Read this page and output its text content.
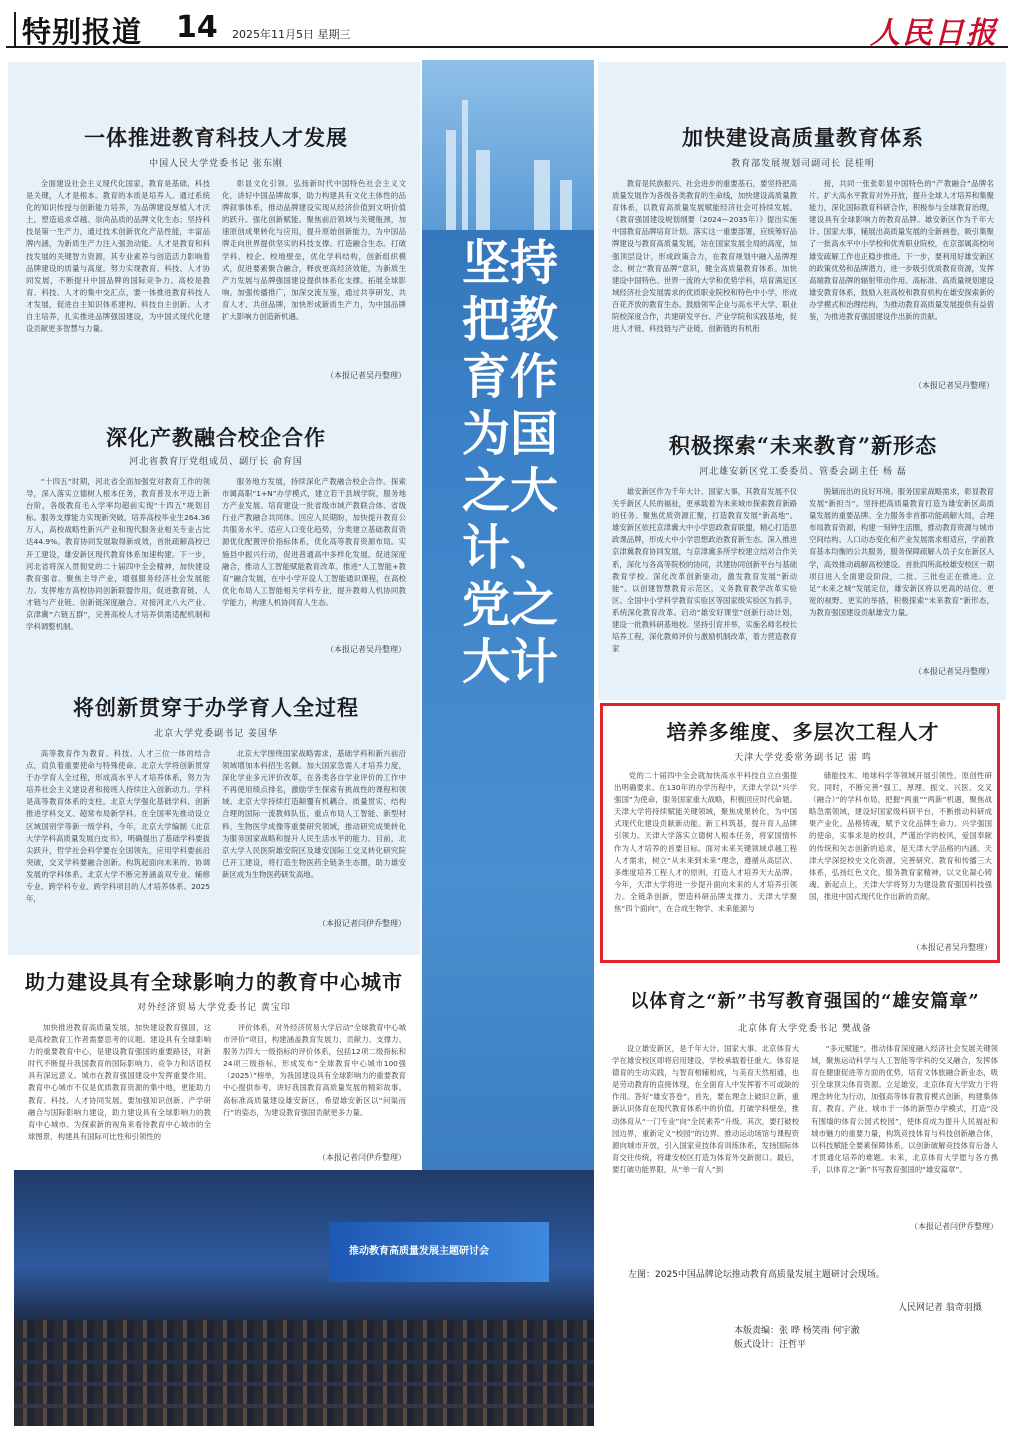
特别报道 14 2025年11月5日 星期三	人民日报
坚持把教育作为国之大计、党之大计
一体推进教育科技人才发展
中国人民大学党委书记 张东刚

全面建设社会主义现代化国家，教育是基础，科技是关键，人才是根本。教育的本质是培养人。通过系统化的知识传授与创新能力培养，为品牌建设厚植人才沃土，塑造追求卓越、崇尚品质的品牌文化生态；坚持科技是第一生产力，通过技术创新优化产品性能，丰富品牌内涵，为新质生产力注入强劲动能。人才是教育和科技发展的关键智力资源，其专业素养与创造活力影响着品牌建设的质量与高度。努力实现教育、科技、人才协同发展，不断提升中国品牌的国际竞争力。高校是教育、科技、人才的集中交汇点，要一体推进教育科技人才发展，促进自主知识体系建构、科技自主创新、人才自主培养，扎实推进品牌强国建设，为中国式现代化建设贡献更多智慧与力量。

彰显文化引领。弘扬新时代中国特色社会主义文化，讲好中国品牌故事，助力构建具有文化主体性的品牌叙事体系，推动品牌建设实现从经济价值到文明价值的跃升。强化创新赋能。聚焦前沿领域与关键瓶颈，加速原创成果转化与应用，提升原始创新能力，为中国品牌走向世界提供坚实的科技支撑。打造融合生态。打破学科、校企、校地壁垒，优化学科结构，创新组织模式，促进要素聚合融合，释放更高经济效能，为新质生产力发展与品牌强国建设提供体系化支撑。拓展全球影响。加强传播推广，加深交流互鉴，通过共享研发、共育人才、共创品牌，加快形成新质生产力，为中国品牌扩大影响力创造新机遇。

（本报记者吴丹整理）
深化产教融合校企合作
河北省教育厅党组成员、副厅长 俞育国

“十四五”时期，河北省全面加强党对教育工作的领导，深入落实立德树人根本任务，教育普及水平迈上新台阶，各级教育毛入学率均超前实现“十四五”规划目标。服务支撑能力实现新突破，培养高校毕业生264.36万人，高校战略性新兴产业和现代服务业相关专业占比达44.9%。教育协同发展取得新成效，首批疏解高校已开工建设，雄安新区现代教育体系加速构建。下一步，河北省将深入贯彻党的二十届四中全会精神，加快建设教育强省。聚焦主导产业，增强服务经济社会发展能力。发挥地方高校协同创新联盟作用，促进教育链、人才链与产业链、创新链深度融合。对接河北八大产业、京津冀“六链五群”，完善高校人才培养供需适配机制和学科调整机制。

服务地方发展，持续深化产教融合校企合作。探索市属高职“1+N”办学模式，建立若干县域学院，服务地方产业发展。培育建设一批省级市域产教联合体、省级行业产教融合共同体。回应人民期盼，加快提升教育公共服务水平。适应人口变化趋势，分类建立基础教育资源优化配置评价指标体系，优化高等教育资源布局。实施县中振兴行动，促进普通高中多样化发展。促进深度融合，推动人工智能赋能教育改革。推进“人工智能+教育”融合发展，在中小学开设人工智能通识课程，在高校优化布局人工智能相关学科专业，提升教师人机协同教学能力，构建人机协同育人生态。

（本报记者吴丹整理）
将创新贯穿于办学育人全过程
北京大学党委副书记 姜国华

高等教育作为教育、科技、人才三位一体的结合点，肩负着重要使命与特殊使命。北京大学将创新贯穿于办学育人全过程，形成高水平人才培养体系，努力为培养社会主义建设者和接班人持续注入创新动力。学科是高等教育体系的支柱。北京大学强化基础学科、创新推进学科交叉、超常布局新学科。在全国率先推动设立区域国别学等新一级学科，今年，北京大学编制《北京大学学科高质量发展白皮书》，明确提出了基础学科要拔尖跃升，哲学社会科学要在全国领先，应用学科要前沿突破，交叉学科要融合创新。构筑起面向未来的、协调发展的学科体系。北京大学不断完善涵盖双专业、辅修专业、跨学科专业、跨学科项目的人才培养体系。2025年，

北京大学围绕国家战略需求，基础学科和新兴前沿领域增加本科招生名额。加大国家急需人才培养力度，深化学业多元评价改革，在各类各自学业评价的工作中不再使用绩点排名，激励学生探索有挑战性的课程和领域。北京大学持续打造颠覆有机耦合、质量贯实、结构合理的国际一流教师队伍，重点布局人工智能、新型材料、生物医学成像等重要研究领域，推动研究成果转化为服务国家战略和提升人民生活水平的能力。目前，北京大学人民医院雄安院区及雄安国际工交叉转化研究院已开工建设，将打造生物医药全链条生态圈，助力雄安新区成为生物医药研发高地。

（本报记者闫伊乔整理）
助力建设具有全球影响力的教育中心城市
对外经济贸易大学党委书记 黄宝印

加快推进教育高质量发展，加快建设教育强国，这是高校教育工作者需要思考的议题。建设具有全球影响力的重要教育中心，是建设教育强国的重要路径，对新时代不断提升我国教育的国际影响力、竞争力和话语权具有深远意义。城市在教育强国建设中发挥重要作用。教育中心城市不仅是优质教育资源的集中地，更能助力教育、科技、人才协同发展。要加强知识创新、产学研融合与国际影响力建设，助力建设具有全球影响力的教育中心城市。为探索新的视角来看待教育中心城市的全球图景，构建具有国际可比性和引领性的

评价体系，对外经济贸易大学启动“全球教育中心城市评价”项目，构建涵盖教育发展力、贡献力、支撑力、服务力四大一级指标的评价体系，包括12项二级指标和24项三级指标，形成发布“全球教育中心城市100强（2025）”榜单，为我国建设具有全球影响力的重要教育中心提供参考，讲好我国教育高质量发展的精彩故事。高标准高质量建设雄安新区，希望雄安新区以“问渠而行”的姿态，为建设教育强国贡献更多力量。

（本报记者闫伊乔整理）
加快建设高质量教育体系
教育部发展规划司副司长 昆桂明

教育是民族振兴、社会进步的重要基石，要坚持把高质量发展作为各级各类教育的生命线，加快建设高质量教育体系，以教育高质量发展赋能经济社会可持续发展。《教育强国建设规划纲要（2024—2035年）》提出实施中国教育品牌培育计划。落实这一重要部署，应统筹好品牌建设与教育高质量发展，站在国家发展全局的高度，加强顶层设计，形成政策合力，在教育规划中融入品牌理念。树立“教育品牌”意识，健全高质量教育体系。加快建设中国特色、世界一流的大学和优势学科，培育满足区域经济社会发展需求的优质职业院校和特色中小学，形成百花齐放的教育生态。鼓励领军企业与高水平大学、职业院校深度合作，共建研发平台、产业学院和实践基地，促进人才链、科技链与产业链、创新链的有机衔

接，共同一张张彰显中国特色的“产教融合”品牌名片。扩大高水平教育对外开放，提升全球人才培养和集聚能力，深化国际教育科研合作，积极参与全球教育治理，建设具有全球影响力的教育品牌。雄安新区作为千年大计、国家大事，辅展出高质量发展的全新画卷，吸引集聚了一批高水平中小学校和优秀职业院校，在京部属高校向雄安疏解工作也正稳步推进。下一步，要利用好雄安新区的政策优势和品牌潜力，进一步吸引优质教育资源，发挥高端教育品牌的辐射带动作用。高标准、高质量规划建设雄安教育体系，鼓励入驻高校和教育机构在雄安探索新的办学模式和治理结构，为推动教育高质量发展提供有益借鉴，为推进教育强国建设作出新的贡献。

（本报记者吴丹整理）
积极探索“未来教育”新形态
河北雄安新区党工委委员、管委会副主任 杨 磊

雄安新区作为千年大计、国家大事，其教育发展不仅关乎新区人民的福祉，更承载着为未来城市探索教育新路的任务。聚焦优质资源汇聚，打造教育发展“新高地”。雄安新区依托京津冀大中小学思政教育联盟，精心打造思政课品牌，形成大中小学思想政治教育新生态。深入推进京津冀教育协同发展，与京津冀多所学校建立结对合作关系，深化与各高等院校的协同，共建协同创新平台与基础教育学校。深化改革创新驱动，激发教育发展“新动能”。以创建智慧教育示范区，义务教育教学改革实验区、全国中小学科学教育实验区等国家级实验区为抓手，系统深化教育改革。启动“雄安好课堂”创新行动计划，建设一批教科研基地校。坚持引育并举，实施名师名校长培养工程，深化教师评价与激励机制改革，着力营造教育家

脱颖而出的良好环境。服务国家战略需求，彰显教育发展“新担当”。坚持把高质量教育打造为雄安新区高质量发展的重要品牌。全力服务非首都功能疏解大局，合理布局教育资源，构建一刻钟生活圈，推动教育资源与城市空间结构、人口动态变化和产业发展需求相适应，学前教育基本均衡的公共服务，服务保障疏解人员子女在新区入学，高效推动疏解高校建设。首批四所高校雄安校区一期项目进入全面建设阶段，二批、三批也正在推进。立足“未来之城”发展定位，雄安新区将以更高的站位、更宽的视野、更实的举措，积极探索“未来教育”新形态，为教育强国建设贡献雄安力量。

（本报记者吴丹整理）
培养多维度、多层次工程人才
天津大学党委常务副书记 雷 鸣

党的二十届四中全会就加快高水平科技自立自强提出明确要求。在130年的办学历程中，天津大学以“兴学强国”为使命，服务国家重大战略，积极回应时代命题。天津大学将持续赋能关键领域，聚焦成果转化，为中国式现代化建设贡献新动能。新工科筑基，提升育人品牌引领力。天津大学落实立德树人根本任务，将家国情怀作为人才培养的首要目标。面对未来关键领域卓越工程人才需求，树立“从未来到未来”理念，遵循从高层次、多维度培养工程人才的原则，打造人才培养天大品牌。今年，天津大学将进一步提升面向未来的人才培养引领力。全链条创新，塑造科研品牌支撑力。天津大学聚焦“四个面向”，在合成生物学、未来能源与

储能技术、地球科学等领域开展引领性、原创性研究。同时，不断完善“强工、厚理、振文、兴医、交叉（融合）”的学科布局，把握“两重”“两新”机遇，聚焦战略急需领域，建设好国家级科研平台，不断推动科研成果产业化。品格铸魂，赋予文化品牌生命力。兴学强国的使命，实事求是的校训，严谨治学的校风，爱国奉献的传统和矢志创新的追求，是天津大学品格的内涵。天津大学深挖校史文化资源，完善研究、教育和传播三大体系，弘扬红色文化，服务教育家精神，以文化凝心铸魂。新起点上，天津大学将努力为建设教育强国科技强国，推进中国式现代化作出新的贡献。

（本报记者吴丹整理）
以体育之“新”书写教育强国的“雄安篇章”
北京体育大学党委书记 樊战备

设立雄安新区，是千年大计、国家大事。北京体育大学在雄安校区即将启用建设，学校承载着任重大。体育是德育的生动实践，与智育相辅相成，与美育天然相通，也是劳动教育的直接体现，在全面育人中发挥着不可或缺的作用。答好“雄安答卷”，首先，要在理念上破旧立新，重新认识体育在现代教育体系中的价值。打破学科壁垒，推动体育从“一门专业”向“全民素养”升级。其次，要打破校园边界，重新定义“校园”的边界。推动运动场馆与课程资源向城市开放，引入国家竞技体育训练体系，发扬国际体育交往传统，将雄安校区打造为体育外交新窗口。最后，要打破功能界限，从“单一育人”到

“多元赋能”。推动体育深度融入经济社会发展关键领域，聚焦运动科学与人工智能等学科的交叉融合，发挥体育在健康促进等方面的优势，培育文体旅融合新业态，吸引全球顶尖体育资源。立足雄安，北京体育大学致力于将理念转化为行动，加强高等体育教育模式创新，构建集体育、教育、产业、城市于一体的新型办学模式，打造“没有围墙的体育公园式校园”，使体育成为提升人民福祉和城市魅力的重要力量，构筑竞技体育与科技创新融合体，以科技赋能全要素保障体系，以创新破解竞技体育后备人才贯通化培养的难题。未来，北京体育大学愿与各方携手，以体育之“新”书写教育强国的“雄安篇章”。

（本报记者闫伊乔整理）
推动教育高质量发展主题研讨会
左图：2025中国品牌论坛推动教育高质量发展主题研讨会现场。
人民网记者 翁奇羽摄
本版责编：张 晔 杨笑雨 何宇澈
版式设计：汪哲平
